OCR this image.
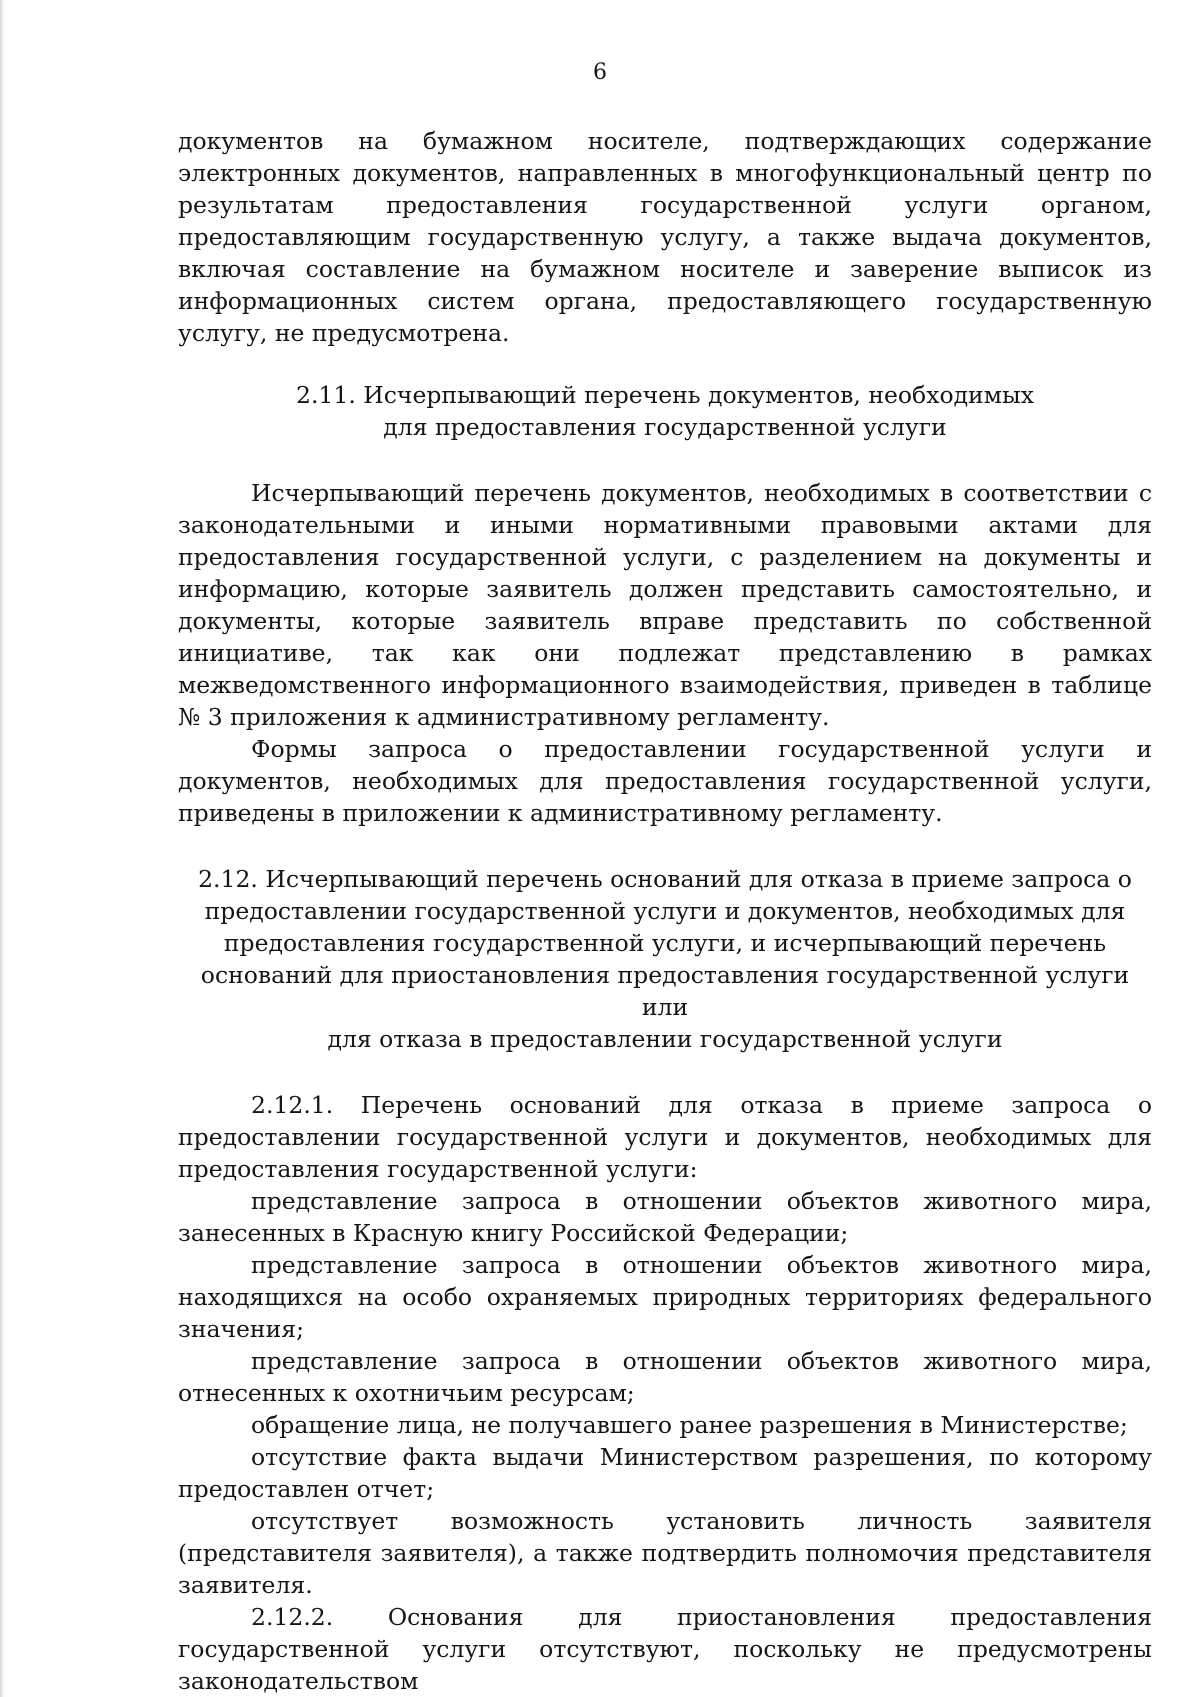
6

документов на бумажном носителе, подтверждающих содержание электронных документов, направленных в многофункциональный центр по результатам предоставления государственной услуги органом, предоставляющим государственную услугу, а также выдача документов, включая составление на бумажном носителе и заверение выписок из информационных систем органа, предоставляющего государственную услугу, не предусмотрена.

2.11. Исчерпывающий перечень документов, необходимых
для предоставления государственной услуги

Исчерпывающий перечень документов, необходимых в соответствии с законодательными и иными нормативными правовыми актами для предоставления государственной услуги, с разделением на документы и информацию, которые заявитель должен представить самостоятельно, и документы, которые заявитель вправе представить по собственной инициативе, так как они подлежат представлению в рамках межведомственного информационного взаимодействия, приведен в таблице № 3 приложения к административному регламенту.

Формы запроса о предоставлении государственной услуги и документов, необходимых для предоставления государственной услуги, приведены в приложении к административному регламенту.

2.12. Исчерпывающий перечень оснований для отказа в приеме запроса о
предоставлении государственной услуги и документов, необходимых для
предоставления государственной услуги, и исчерпывающий перечень
оснований для приостановления предоставления государственной услуги или
для отказа в предоставлении государственной услуги

2.12.1. Перечень оснований для отказа в приеме запроса о предоставлении государственной услуги и документов, необходимых для предоставления государственной услуги:

представление запроса в отношении объектов животного мира, занесенных в Красную книгу Российской Федерации;

представление запроса в отношении объектов животного мира, находящихся на особо охраняемых природных территориях федерального значения;

представление запроса в отношении объектов животного мира, отнесенных к охотничьим ресурсам;

обращение лица, не получавшего ранее разрешения в Министерстве;

отсутствие факта выдачи Министерством разрешения, по которому предоставлен отчет;

отсутствует возможность установить личность заявителя (представителя заявителя), а также подтвердить полномочия представителя заявителя.

2.12.2. Основания для приостановления предоставления государственной услуги отсутствуют, поскольку не предусмотрены законодательством
